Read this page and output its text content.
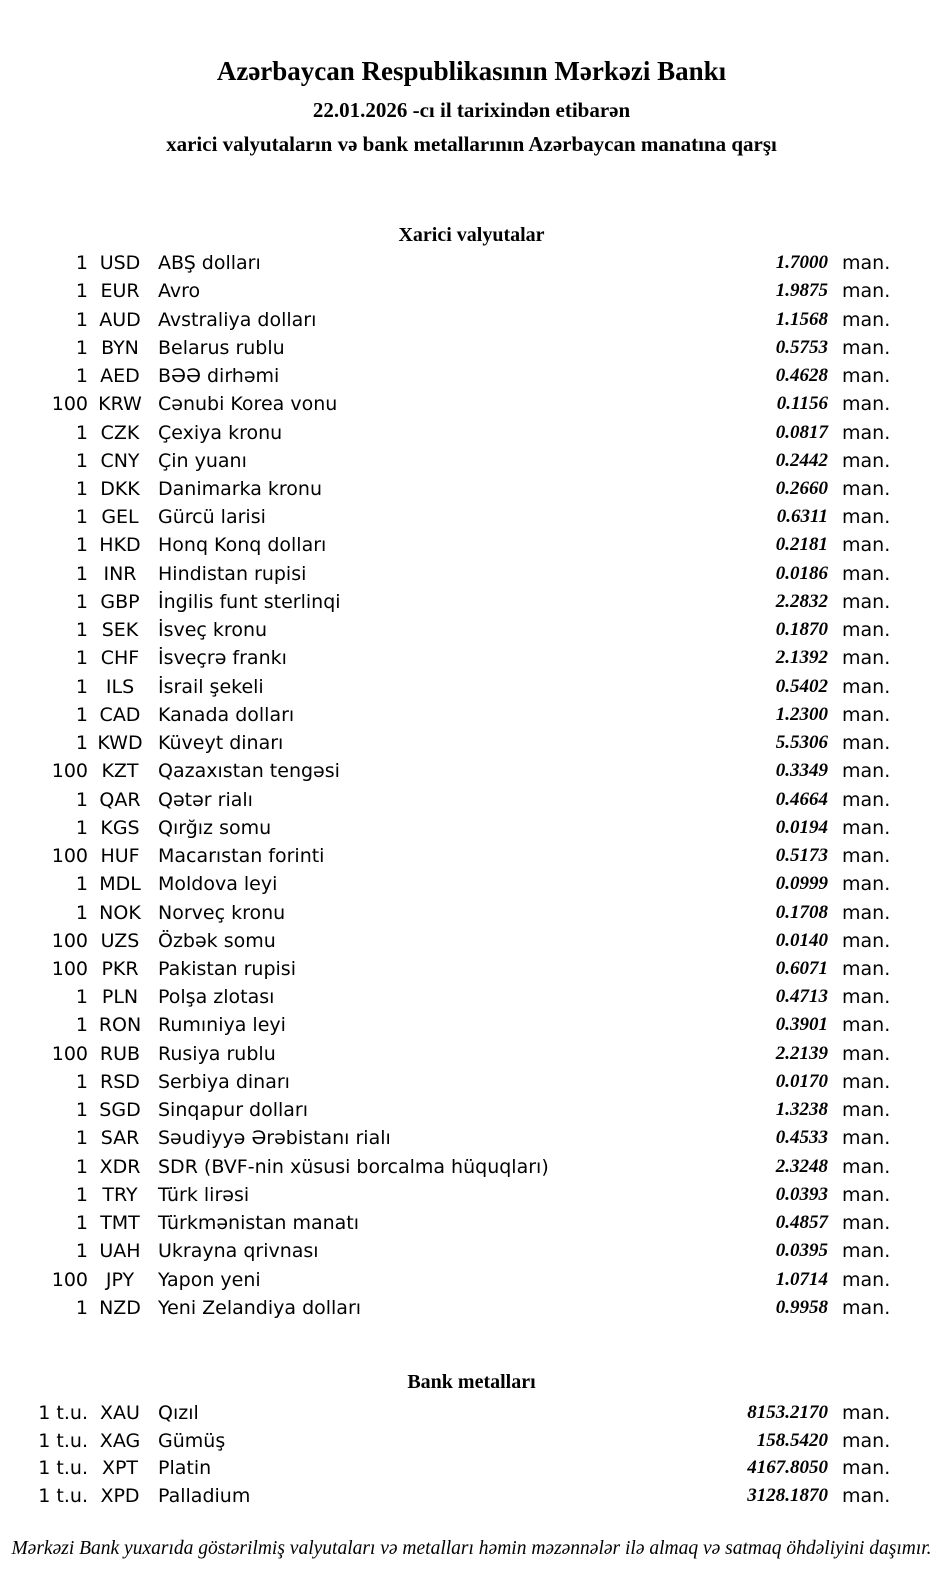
Azərbaycan Respublikasının Mərkəzi Bankı
22.01.2026 -cı il tarixindən etibarən
xarici valyutaların və bank metallarının Azərbaycan manatına qarşı
Xarici valyutalar
1 USD ABŞ dolları	1.7000 man.
1 EUR Avro	1.9875 man.
1 AUD Avstraliya dolları	1.1568 man.
1 BYN	Belarus rublu	0.5753 man.
1 AED BƏƏ dirhəmi	0.4628 man.
100 KRW Cənubi Korea vonu	0.1156 man.
1 CZK Çexiya kronu	0.0817 man.
1 CNY Çin yuanı	0.2442 man.
1 DKK Danimarka kronu	0.2660 man.
1 GEL	Gürcü larisi	0.6311 man.
1 HKD Honq Konq dolları	0.2181 man.
1 INR	Hindistan rupisi	0.0186 man.
1 GBP İngilis funt sterlinqi	2.2832 man.
1 SEK	İsveç kronu	0.1870 man.
1 CHF İsveçrə frankı	2.1392 man.
1 ILS	İsrail şekeli	0.5402 man.
1 CAD Kanada dolları	1.2300 man.
1 KWD Küveyt dinarı	5.5306 man.
100 KZT	Qazaxıstan tengəsi	0.3349 man.
1 QAR Qətər rialı	0.4664 man.
1 KGS Qırğız somu	0.0194 man.
100 HUF Macarıstan forinti	0.5173 man.
1 MDL Moldova leyi	0.0999 man.
1 NOK Norveç kronu	0.1708 man.
100 UZS Özbək somu	0.0140 man.
100 PKR	Pakistan rupisi	0.6071 man.
1 PLN	Polşa zlotası	0.4713 man.
1 RON Rumıniya leyi	0.3901 man.
100 RUB Rusiya rublu	2.2139 man.
1 RSD Serbiya dinarı	0.0170 man.
1 SGD Sinqapur dolları	1.3238 man.
1 SAR Səudiyyə Ərəbistanı rialı	0.4533 man.
1 XDR SDR (BVF-nin xüsusi borcalma hüquqları)	2.3248 man.
1 TRY	Türk lirəsi	0.0393 man.
1 TMT Türkmənistan manatı	0.4857 man.
1 UAH Ukrayna qrivnası	0.0395 man.
100 JPY	Yapon yeni	1.0714 man.
1 NZD Yeni Zelandiya dolları	0.9958 man.
Bank metalları
1 t.u. XAU Qızıl	8153.2170 man.
1 t.u. XAG Gümüş	158.5420 man.
1 t.u. XPT	Platin	4167.8050 man.
1 t.u. XPD Palladium	3128.1870 man.
Mərkəzi Bank yuxarıda göstərilmiş valyutaları və metalları həmin məzənnələr ilə almaq və satmaq öhdəliyini daşımır.
